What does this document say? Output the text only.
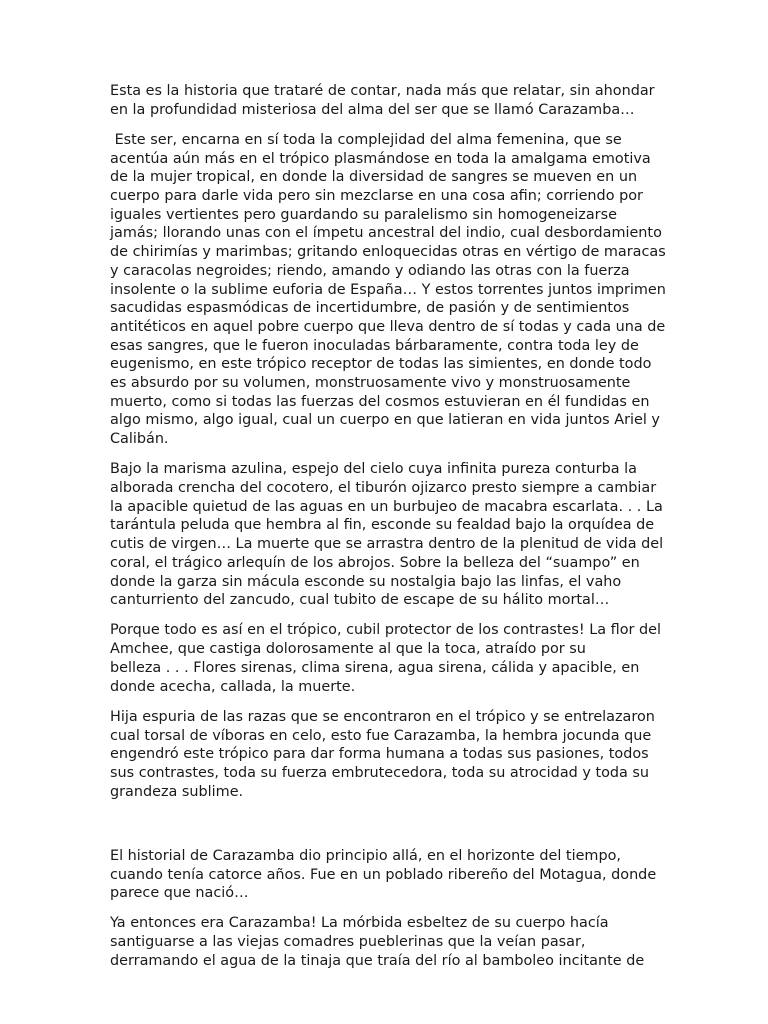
Esta es la historia que trataré de contar, nada más que relatar, sin ahondar
en la profundidad misteriosa del alma del ser que se llamó Carazamba…

Este ser, encarna en sí toda la complejidad del alma femenina, que se
acentúa aún más en el trópico plasmándose en toda la amalgama emotiva
de la mujer tropical, en donde la diversidad de sangres se mueven en un
cuerpo para darle vida pero sin mezclarse en una cosa afin; corriendo por
iguales vertientes pero guardando su paralelismo sin homogeneizarse
jamás; llorando unas con el ímpetu ancestral del indio, cual desbordamiento
de chirimías y marimbas; gritando enloquecidas otras en vértigo de maracas
y caracolas negroides; riendo, amando y odiando las otras con la fuerza
insolente o la sublime euforia de España… Y estos torrentes juntos imprimen
sacudidas espasmódicas de incertidumbre, de pasión y de sentimientos
antitéticos en aquel pobre cuerpo que lleva dentro de sí todas y cada una de
esas sangres, que le fueron inoculadas bárbaramente, contra toda ley de
eugenismo, en este trópico receptor de todas las simientes, en donde todo
es absurdo por su volumen, monstruosamente vivo y monstruosamente
muerto, como si todas las fuerzas del cosmos estuvieran en él fundidas en
algo mismo, algo igual, cual un cuerpo en que latieran en vida juntos Ariel y
Calibán.

Bajo la marisma azulina, espejo del cielo cuya infinita pureza conturba la
alborada crencha del cocotero, el tiburón ojizarco presto siempre a cambiar
la apacible quietud de las aguas en un burbujeo de macabra escarlata. . . La
tarántula peluda que hembra al fin, esconde su fealdad bajo la orquídea de
cutis de virgen… La muerte que se arrastra dentro de la plenitud de vida del
coral, el trágico arlequín de los abrojos. Sobre la belleza del “suampo” en
donde la garza sin mácula esconde su nostalgia bajo las linfas, el vaho
canturriento del zancudo, cual tubito de escape de su hálito mortal…

Porque todo es así en el trópico, cubil protector de los contrastes! La flor del
Amchee, que castiga dolorosamente al que la toca, atraído por su
belleza . . . Flores sirenas, clima sirena, agua sirena, cálida y apacible, en
donde acecha, callada, la muerte.

Hija espuria de las razas que se encontraron en el trópico y se entrelazaron
cual torsal de víboras en celo, esto fue Carazamba, la hembra jocunda que
engendró este trópico para dar forma humana a todas sus pasiones, todos
sus contrastes, toda su fuerza embrutecedora, toda su atrocidad y toda su
grandeza sublime.

El historial de Carazamba dio principio allá, en el horizonte del tiempo,
cuando tenía catorce años. Fue en un poblado ribereño del Motagua, donde
parece que nació…

Ya entonces era Carazamba! La mórbida esbeltez de su cuerpo hacía
santiguarse a las viejas comadres pueblerinas que la veían pasar,
derramando el agua de la tinaja que traía del río al bamboleo incitante de
